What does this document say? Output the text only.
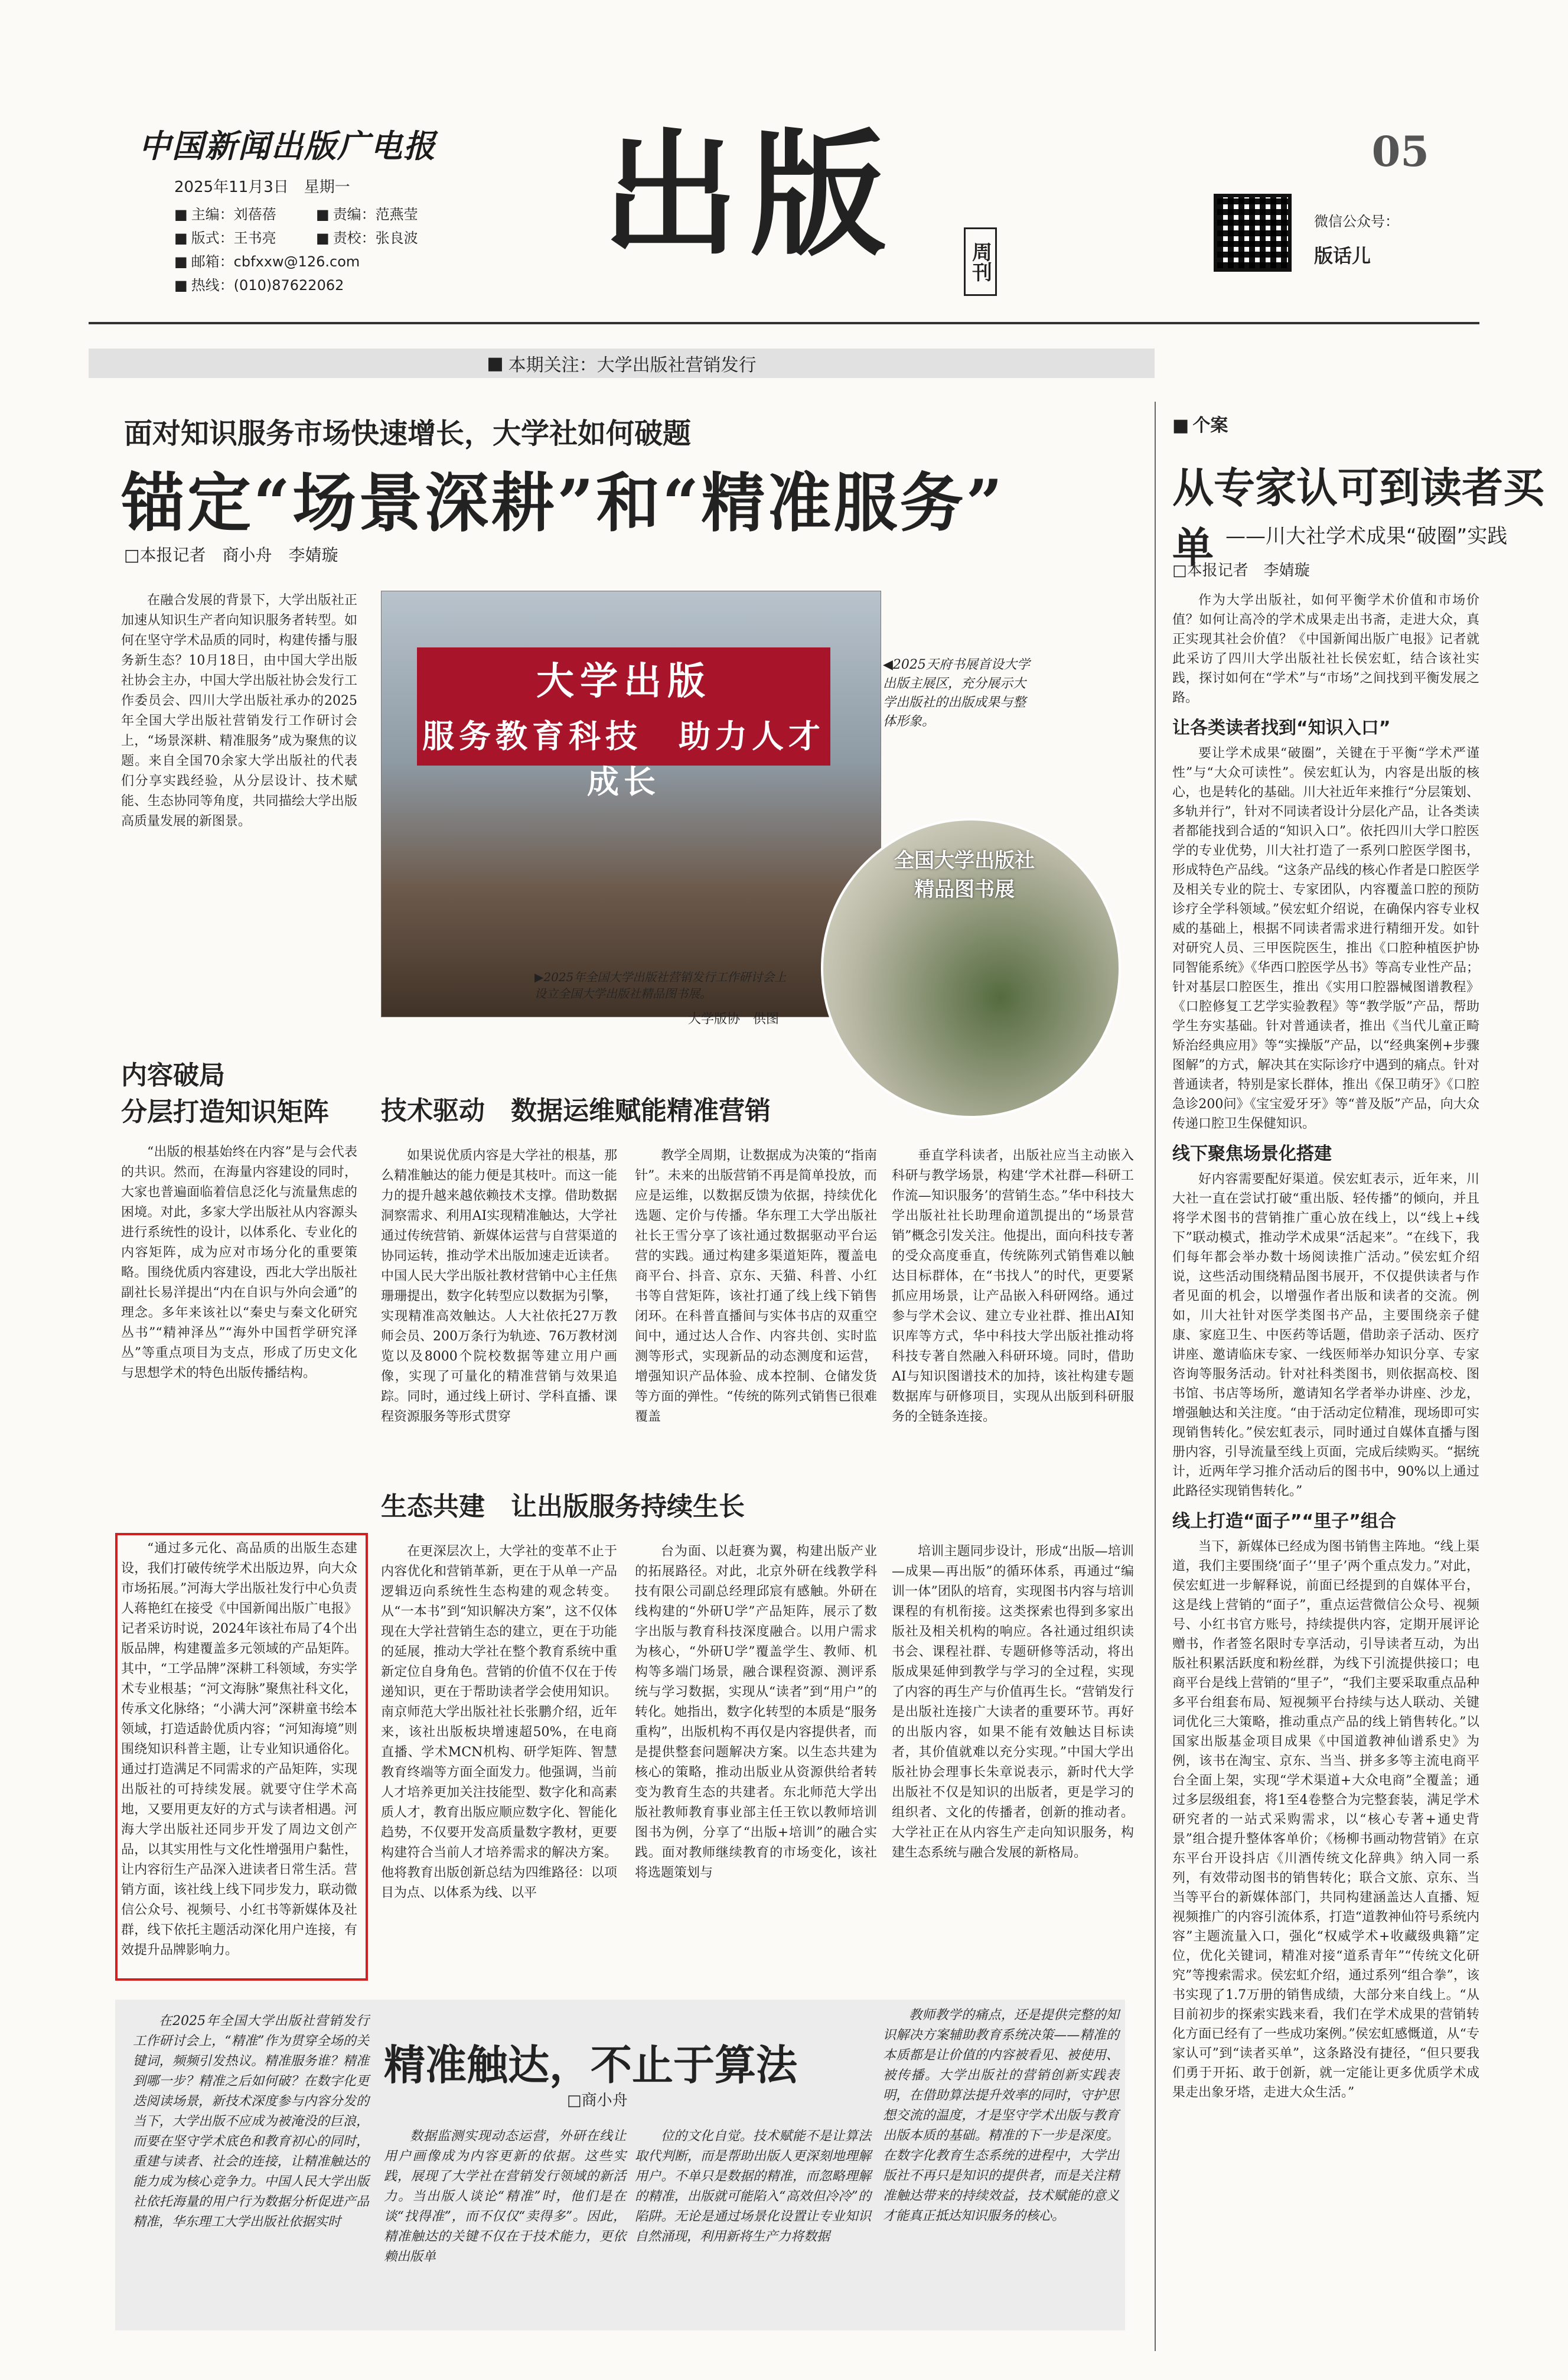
中国新闻出版广电报
2025年11月3日　星期一
■ 主编：刘蓓蓓	■ 责编：范燕莹
■ 版式：王书亮	■ 责校：张良波
■ 邮箱：cbfxxw@126.com
■ 热线：(010)87622062
出版	周刊
05
微信公众号：
版话儿
■ 本期关注：大学出版社营销发行
面对知识服务市场快速增长，大学社如何破题
锚定“场景深耕”和“精准服务”
□ 本报记者　商小舟　李婧璇
在融合发展的背景下，大学出版社正加速从知识生产者向知识服务者转型。如何在坚守学术品质的同时，构建传播与服务新生态？10月18日，由中国大学出版社协会主办，中国大学出版社协会发行工作委员会、四川大学出版社承办的2025年全国大学出版社营销发行工作研讨会上，“场景深耕、精准服务”成为聚焦的议题。来自全国70余家大学出版社的代表们分享实践经验，从分层设计、技术赋能、生态协同等角度，共同描绘大学出版高质量发展的新图景。
大学出版
服务教育科技　助力人才成长
全国大学出版社
精品图书展
◀2025天府书展首设大学出版主展区，充分展示大学出版社的出版成果与整体形象。
▶2025年全国大学出版社营销发行工作研讨会上设立全国大学出版社精品图书展。
大学版协　供图
内容破局
分层打造知识矩阵
“出版的根基始终在内容”是与会代表的共识。然而，在海量内容建设的同时，大家也普遍面临着信息泛化与流量焦虑的困境。对此，多家大学出版社从内容源头进行系统性的设计，以体系化、专业化的内容矩阵，成为应对市场分化的重要策略。围绕优质内容建设，西北大学出版社副社长易洋提出“内在自识与外向会通”的理念。多年来该社以“秦史与秦文化研究丛书”“精神泽丛”“海外中国哲学研究泽丛”等重点项目为支点，形成了历史文化与思想学术的特色出版传播结构。
“通过多元化、高品质的出版生态建设，我们打破传统学术出版边界，向大众市场拓展。”河海大学出版社发行中心负责人蒋艳红在接受《中国新闻出版广电报》记者采访时说，2024年该社布局了4个出版品牌，构建覆盖多元领域的产品矩阵。其中，“工学品牌”深耕工科领域，夯实学术专业根基；“河文海脉”聚焦社科文化，传承文化脉络；“小满大河”深耕童书绘本领域，打造适龄优质内容；“河知海境”则围绕知识科普主题，让专业知识通俗化。通过打造满足不同需求的产品矩阵，实现出版社的可持续发展。就要守住学术高地，又要用更友好的方式与读者相遇。河海大学出版社还同步开发了周边文创产品，以其实用性与文化性增强用户黏性，让内容衍生产品深入进读者日常生活。营销方面，该社线上线下同步发力，联动微信公众号、视频号、小红书等新媒体及社群，线下依托主题活动深化用户连接，有效提升品牌影响力。
技术驱动　数据运维赋能精准营销
如果说优质内容是大学社的根基，那么精准触达的能力便是其枝叶。而这一能力的提升越来越依赖技术支撑。借助数据洞察需求、利用AI实现精准触达，大学社通过传统营销、新媒体运营与自营渠道的协同运转，推动学术出版加速走近读者。中国人民大学出版社教材营销中心主任焦珊珊提出，数字化转型应以数据为引擎，实现精准高效触达。人大社依托27万教师会员、200万条行为轨迹、76万教材浏览以及8000个院校数据等建立用户画像，实现了可量化的精准营销与效果追踪。同时，通过线上研讨、学科直播、课程资源服务等形式贯穿
教学全周期，让数据成为决策的“指南针”。未来的出版营销不再是简单投放，而应是运维，以数据反馈为依据，持续优化选题、定价与传播。华东理工大学出版社社长王雪分享了该社通过数据驱动平台运营的实践。通过构建多渠道矩阵，覆盖电商平台、抖音、京东、天猫、科普、小红书等自营矩阵，该社打通了线上线下销售闭环。在科普直播间与实体书店的双重空间中，通过达人合作、内容共创、实时监测等形式，实现新品的动态测度和运营，增强知识产品体验、成本控制、仓储发货等方面的弹性。“传统的陈列式销售已很难覆盖
垂直学科读者，出版社应当主动嵌入科研与教学场景，构建‘学术社群—科研工作流—知识服务’的营销生态。”华中科技大学出版社社长助理俞道凯提出的“场景营销”概念引发关注。他提出，面向科技专著的受众高度垂直，传统陈列式销售难以触达目标群体，在“书找人”的时代，更要紧抓应用场景，让产品嵌入科研网络。通过参与学术会议、建立专业社群、推出AI知识库等方式，华中科技大学出版社推动将科技专著自然融入科研环境。同时，借助AI与知识图谱技术的加持，该社构建专题数据库与研修项目，实现从出版到科研服务的全链条连接。
生态共建　让出版服务持续生长
在更深层次上，大学社的变革不止于内容优化和营销革新，更在于从单一产品逻辑迈向系统性生态构建的观念转变。从“一本书”到“知识解决方案”，这不仅体现在大学社营销生态的建立，更在于功能的延展，推动大学社在整个教育系统中重新定位自身角色。营销的价值不仅在于传递知识，更在于帮助读者学会使用知识。南京师范大学出版社社长张鹏介绍，近年来，该社出版板块增速超50%，在电商直播、学术MCN机构、研学矩阵、智慧教育终端等方面全面发力。他强调，当前人才培养更加关注技能型、数字化和高素质人才，教育出版应顺应数字化、智能化趋势，不仅要开发高质量数字教材，更要构建符合当前人才培养需求的解决方案。他将教育出版创新总结为四维路径：以项目为点、以体系为线、以平
台为面、以赶赛为翼，构建出版产业的拓展路径。对此，北京外研在线教学科技有限公司副总经理邱宸有感触。外研在线构建的“外研U学”产品矩阵，展示了数字出版与教育科技深度融合。以用户需求为核心，“外研U学”覆盖学生、教师、机构等多端门场景，融合课程资源、测评系统与学习数据，实现从“读者”到“用户”的转化。她指出，数字化转型的本质是“服务重构”，出版机构不再仅是内容提供者，而是提供整套问题解决方案。以生态共建为核心的策略，推动出版业从资源供给者转变为教育生态的共建者。东北师范大学出版社教师教育事业部主任王钦以教师培训图书为例，分享了“出版+培训”的融合实践。面对教师继续教育的市场变化，该社将选题策划与
培训主题同步设计，形成“出版—培训—成果—再出版”的循环体系，再通过“编训一体”团队的培育，实现图书内容与培训课程的有机衔接。这类探索也得到多家出版社及相关机构的响应。各社通过组织读书会、课程社群、专题研修等活动，将出版成果延伸到教学与学习的全过程，实现了内容的再生产与价值再生长。“营销发行是出版社连接广大读者的重要环节。再好的出版内容，如果不能有效触达目标读者，其价值就难以充分实现。”中国大学出版社协会理事长朱章说表示，新时代大学出版社不仅是知识的出版者，更是学习的组织者、文化的传播者，创新的推动者。大学社正在从内容生产走向知识服务，构建生态系统与融合发展的新格局。
在2025年全国大学出版社营销发行工作研讨会上，“精准”作为贯穿全场的关键词，频频引发热议。精准服务谁？精准到哪一步？精准之后如何破？在数字化更迭阅读场景，新技术深度参与内容分发的当下，大学出版不应成为被淹没的巨浪，而要在坚守学术底色和教育初心的同时，重建与读者、社会的连接，让精准触达的能力成为核心竞争力。中国人民大学出版社依托海量的用户行为数据分析促进产品精准，华东理工大学出版社依据实时
精准触达，不止于算法
□商小舟
数据监测实现动态运营，外研在线让用户画像成为内容更新的依据。这些实践，展现了大学社在营销发行领域的新活力。当出版人谈论“精准”时，他们是在谈“找得准”，而不仅仅“卖得多”。因此，精准触达的关键不仅在于技术能力，更依赖出版单
位的文化自觉。技术赋能不是让算法取代判断，而是帮助出版人更深刻地理解用户。不单只是数据的精准，而忽略理解的精准，出版就可能陷入“高效但冷冷”的陷阱。无论是通过场景化设置让专业知识自然涌现，利用新将生产力将数据
教师教学的痛点，还是提供完整的知识解决方案辅助教育系统决策——精准的本质都是让价值的内容被看见、被使用、被传播。大学出版社的营销创新实践表明，在借助算法提升效率的同时，守护思想交流的温度，才是坚守学术出版与教育出版本质的基础。精准的下一步是深度。在数字化教育生态系统的进程中，大学出版社不再只是知识的提供者，而是关注精准触达带来的持续效益，技术赋能的意义才能真正抵达知识服务的核心。
■ 个案
从专家认可到读者买单 ——川大社学术成果“破圈”实践
□ 本报记者　李婧璇

作为大学出版社，如何平衡学术价值和市场价值？如何让高冷的学术成果走出书斋，走进大众，真正实现其社会价值？《中国新闻出版广电报》记者就此采访了四川大学出版社社长侯宏虹，结合该社实践，探讨如何在“学术”与“市场”之间找到平衡发展之路。

让各类读者找到“知识入口”

要让学术成果“破圈”，关键在于平衡“学术严谨性”与“大众可读性”。侯宏虹认为，内容是出版的核心，也是转化的基础。川大社近年来推行“分层策划、多轨并行”，针对不同读者设计分层化产品，让各类读者都能找到合适的“知识入口”。依托四川大学口腔医学的专业优势，川大社打造了一系列口腔医学图书，形成特色产品线。“这条产品线的核心作者是口腔医学及相关专业的院士、专家团队，内容覆盖口腔的预防诊疗全学科领域。”侯宏虹介绍说，在确保内容专业权威的基础上，根据不同读者需求进行精细开发。如针对研究人员、三甲医院医生，推出《口腔种植医护协同智能系统》《华西口腔医学丛书》等高专业性产品；针对基层口腔医生，推出《实用口腔器械图谱教程》《口腔修复工艺学实验教程》等“教学版”产品，帮助学生夯实基础。针对普通读者，推出《当代儿童正畸矫治经典应用》等“实操版”产品，以“经典案例+步骤图解”的方式，解决其在实际诊疗中遇到的痛点。针对普通读者，特别是家长群体，推出《保卫萌牙》《口腔急诊200问》《宝宝爱牙牙》等“普及版”产品，向大众传递口腔卫生保健知识。

线下聚焦场景化搭建

好内容需要配好渠道。侯宏虹表示，近年来，川大社一直在尝试打破“重出版、轻传播”的倾向，并且将学术图书的营销推广重心放在线上，以“线上+线下”联动模式，推动学术成果“活起来”。“在线下，我们每年都会举办数十场阅读推广活动。”侯宏虹介绍说，这些活动围绕精品图书展开，不仅提供读者与作者见面的机会，以增强作者出版和读者的交流。例如，川大社针对医学类图书产品，主要围绕亲子健康、家庭卫生、中医药等话题，借助亲子活动、医疗讲座、邀请临床专家、一线医师举办知识分享、专家咨询等服务活动。针对社科类图书，则依据高校、图书馆、书店等场所，邀请知名学者举办讲座、沙龙，增强触达和关注度。“由于活动定位精准，现场即可实现销售转化。”侯宏虹表示，同时通过自媒体直播与图册内容，引导流量至线上页面，完成后续购买。“据统计，近两年学习推介活动后的图书中，90%以上通过此路径实现销售转化。”

线上打造“面子”“里子”组合

当下，新媒体已经成为图书销售主阵地。“线上渠道，我们主要围绕‘面子’‘里子’两个重点发力。”对此，侯宏虹进一步解释说，前面已经提到的自媒体平台，这是线上营销的“面子”，重点运营微信公众号、视频号、小红书官方账号，持续提供内容，定期开展评论赠书，作者签名限时专享活动，引导读者互动，为出版社积累活跃度和粉丝群，为线下引流提供接口；电商平台是线上营销的“里子”，“我们主要采取重点品种多平台组套布局、短视频平台持续与达人联动、关键词优化三大策略，推动重点产品的线上销售转化。”以国家出版基金项目成果《中国道教神仙谱系史》为例，该书在淘宝、京东、当当、拼多多等主流电商平台全面上架，实现“学术渠道+大众电商”全覆盖；通过多层级组套，将1至4卷整合为完整套装，满足学术研究者的一站式采购需求，以“核心专著+通史背景”组合提升整体客单价；《杨柳书画动物营销》在京东平台开设抖店《川酒传统文化辞典》纳入同一系列，有效带动图书的销售转化；联合文旅、京东、当当等平台的新媒体部门，共同构建涵盖达人直播、短视频推广的内容引流体系，打造“道教神仙符号系统内容”主题流量入口，强化“权威学术+收藏级典籍”定位，优化关键词，精准对接“道系青年”“传统文化研究”等搜索需求。侯宏虹介绍，通过系列“组合拳”，该书实现了1.7万册的销售成绩，大部分来自线上。“从目前初步的探索实践来看，我们在学术成果的营销转化方面已经有了一些成功案例。”侯宏虹感慨道，从“专家认可”到“读者买单”，这条路没有捷径，“但只要我们勇于开拓、敢于创新，就一定能让更多优质学术成果走出象牙塔，走进大众生活。”
